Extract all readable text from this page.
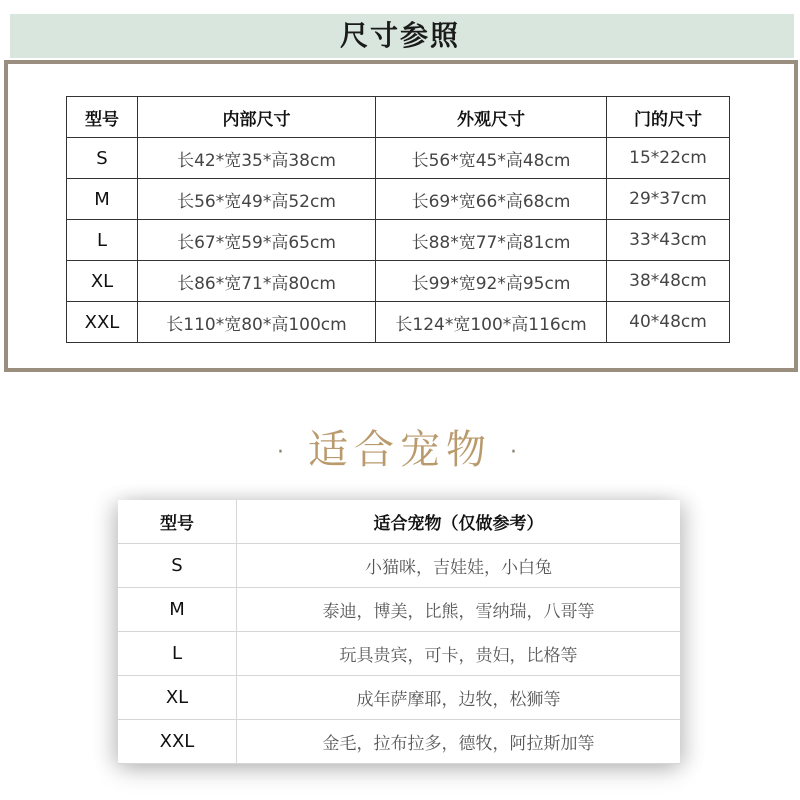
尺寸参照
型号	内部尺寸	外观尺寸	门的尺寸
S	长42*宽35*高38cm	长56*宽45*高48cm	15*22cm
M	长56*宽49*高52cm	长69*宽66*高68cm	29*37cm
L	长67*宽59*高65cm	长88*宽77*高81cm	33*43cm
XL	长86*宽71*高80cm	长99*宽92*高95cm	38*48cm
XXL	长110*宽80*高100cm	长124*宽100*高116cm	40*48cm
· 适合宠物 ·
型号	适合宠物（仅做参考）
S	小猫咪，吉娃娃，小白兔
M	泰迪，博美，比熊，雪纳瑞，八哥等
L	玩具贵宾，可卡，贵妇，比格等
XL	成年萨摩耶，边牧，松狮等
XXL	金毛，拉布拉多，德牧，阿拉斯加等
